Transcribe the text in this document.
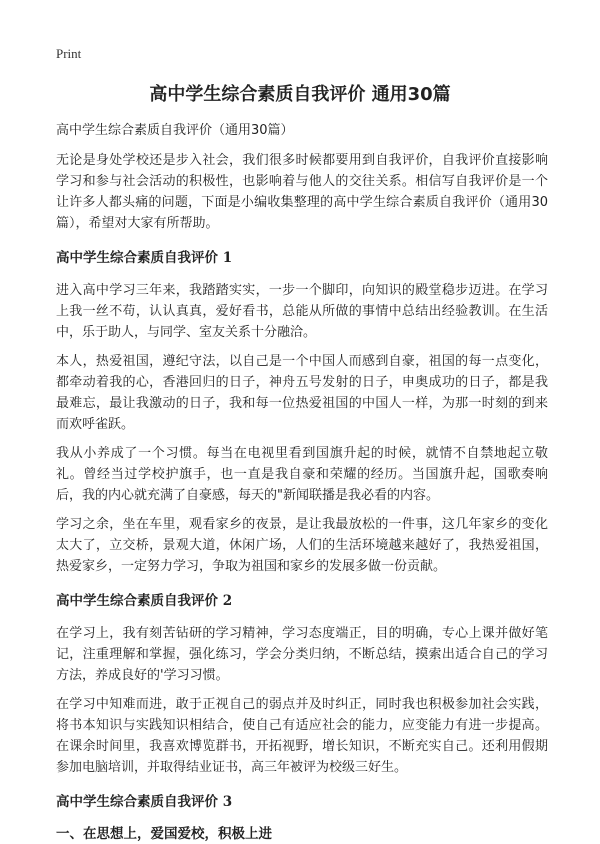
Print
高中学生综合素质自我评价 通用30篇
高中学生综合素质自我评价（通用30篇）

无论是身处学校还是步入社会，我们很多时候都要用到自我评价，自我评价直接影响学习和参与社会活动的积极性，也影响着与他人的交往关系。相信写自我评价是一个让许多人都头痛的问题，下面是小编收集整理的高中学生综合素质自我评价（通用30篇），希望对大家有所帮助。

高中学生综合素质自我评价 1

进入高中学习三年来，我踏踏实实，一步一个脚印，向知识的殿堂稳步迈进。在学习上我一丝不苟，认认真真，爱好看书，总能从所做的事情中总结出经验教训。在生活中，乐于助人，与同学、室友关系十分融洽。

本人，热爱祖国，遵纪守法，以自己是一个中国人而感到自豪，祖国的每一点变化，都牵动着我的心，香港回归的日子，神舟五号发射的日子，申奥成功的日子，都是我最难忘，最让我激动的日子，我和每一位热爱祖国的中国人一样，为那一时刻的到来而欢呼雀跃。

我从小养成了一个习惯。每当在电视里看到国旗升起的时候，就情不自禁地起立敬礼。曾经当过学校护旗手，也一直是我自豪和荣耀的经历。当国旗升起，国歌奏响后，我的内心就充满了自豪感，每天的"新闻联播是我必看的内容。

学习之余，坐在车里，观看家乡的夜景，是让我最放松的一件事，这几年家乡的变化太大了，立交桥，景观大道，休闲广场，人们的生活环境越来越好了，我热爱祖国，热爱家乡，一定努力学习，争取为祖国和家乡的发展多做一份贡献。

高中学生综合素质自我评价 2

在学习上，我有刻苦钻研的学习精神，学习态度端正，目的明确，专心上课并做好笔记，注重理解和掌握，强化练习，学会分类归纳，不断总结，摸索出适合自己的学习方法，养成良好的'学习习惯。

在学习中知难而进，敢于正视自己的弱点并及时纠正，同时我也积极参加社会实践，将书本知识与实践知识相结合，使自己有适应社会的能力，应变能力有进一步提高。在课余时间里，我喜欢博览群书，开拓视野，增长知识，不断充实自己。还利用假期参加电脑培训，并取得结业证书，高三年被评为校级三好生。

高中学生综合素质自我评价 3
一、在思想上，爱国爱校，积极上进
